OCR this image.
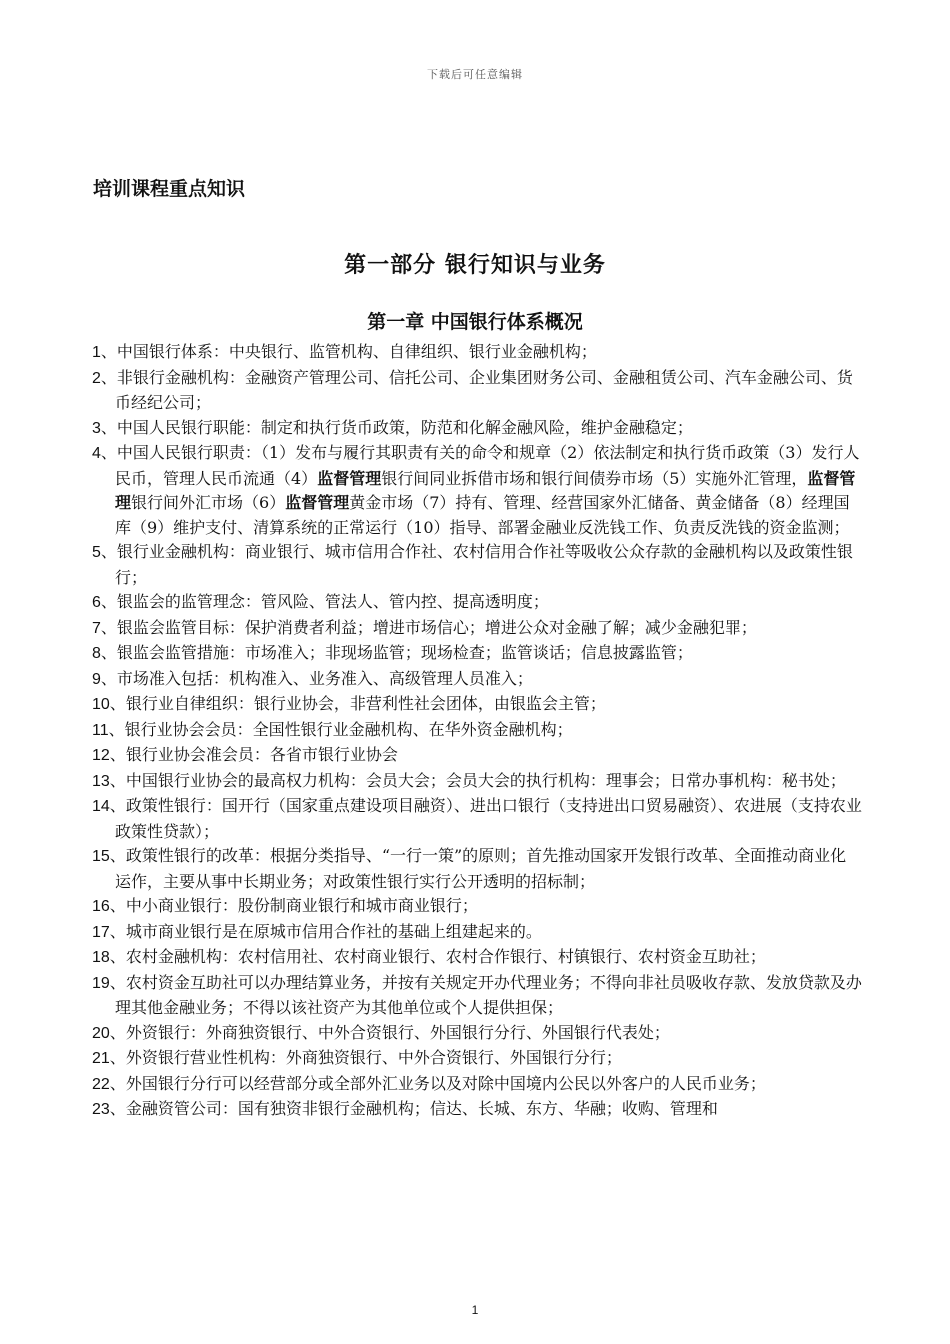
下载后可任意编辑
培训课程重点知识
第一部分 银行知识与业务
第一章 中国银行体系概况
1、中国银行体系：中央银行、监管机构、自律组织、银行业金融机构；
2、非银行金融机构：金融资产管理公司、信托公司、企业集团财务公司、金融租赁公司、汽车金融公司、货币经纪公司；
3、中国人民银行职能：制定和执行货币政策，防范和化解金融风险，维护金融稳定；
4、中国人民银行职责：（1）发布与履行其职责有关的命令和规章（2）依法制定和执行货币政策（3）发行人民币，管理人民币流通（4）监督管理银行间同业拆借市场和银行间债券市场（5）实施外汇管理，监督管理银行间外汇市场（6）监督管理黄金市场（7）持有、管理、经营国家外汇储备、黄金储备（8）经理国库（9）维护支付、清算系统的正常运行（10）指导、部署金融业反洗钱工作、负责反洗钱的资金监测；
5、银行业金融机构：商业银行、城市信用合作社、农村信用合作社等吸收公众存款的金融机构以及政策性银行；
6、银监会的监管理念：管风险、管法人、管内控、提高透明度；
7、银监会监管目标：保护消费者利益；增进市场信心；增进公众对金融了解；减少金融犯罪；
8、银监会监管措施：市场准入；非现场监管；现场检查；监管谈话；信息披露监管；
9、市场准入包括：机构准入、业务准入、高级管理人员准入；
10、银行业自律组织：银行业协会，非营利性社会团体，由银监会主管；
11、银行业协会会员：全国性银行业金融机构、在华外资金融机构；
12、银行业协会准会员：各省市银行业协会
13、中国银行业协会的最高权力机构：会员大会；会员大会的执行机构：理事会；日常办事机构：秘书处；
14、政策性银行：国开行（国家重点建设项目融资）、进出口银行（支持进出口贸易融资）、农进展（支持农业政策性贷款）；
15、政策性银行的改革：根据分类指导、“一行一策”的原则；首先推动国家开发银行改革、全面推动商业化运作，主要从事中长期业务；对政策性银行实行公开透明的招标制；
16、中小商业银行：股份制商业银行和城市商业银行；
17、城市商业银行是在原城市信用合作社的基础上组建起来的。
18、农村金融机构：农村信用社、农村商业银行、农村合作银行、村镇银行、农村资金互助社；
19、农村资金互助社可以办理结算业务，并按有关规定开办代理业务；不得向非社员吸收存款、发放贷款及办理其他金融业务；不得以该社资产为其他单位或个人提供担保；
20、外资银行：外商独资银行、中外合资银行、外国银行分行、外国银行代表处；
21、外资银行营业性机构：外商独资银行、中外合资银行、外国银行分行；
22、外国银行分行可以经营部分或全部外汇业务以及对除中国境内公民以外客户的人民币业务；
23、金融资管公司：国有独资非银行金融机构；信达、长城、东方、华融；收购、管理和
1
